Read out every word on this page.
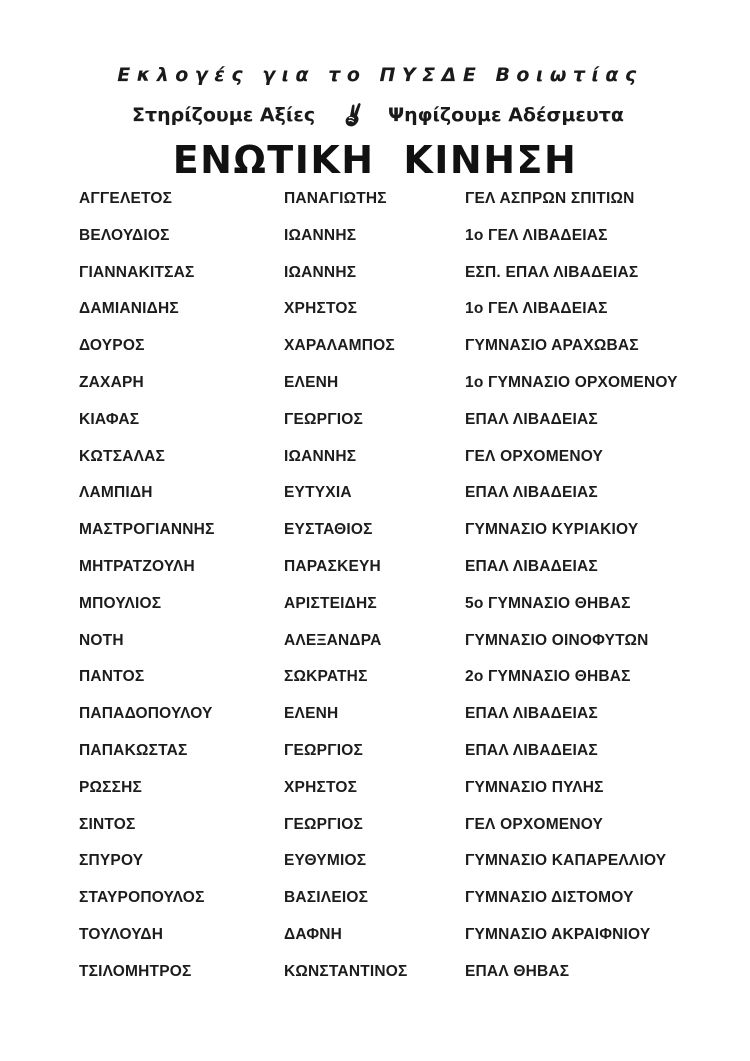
Εκλογές για το ΠΥΣΔΕ Βοιωτίας
Στηρίζουμε Αξίες	Ψηφίζουμε Αδέσμευτα
ΕΝΩΤΙΚΗ ΚΙΝΗΣΗ
ΑΓΓΕΛΕΤΟΣ	ΠΑΝΑΓΙΩΤΗΣ	ΓΕΛ ΑΣΠΡΩΝ ΣΠΙΤΙΩΝ
ΒΕΛΟΥΔΙΟΣ	ΙΩΑΝΝΗΣ	1ο ΓΕΛ ΛΙΒΑΔΕΙΑΣ
ΓΙΑΝΝΑΚΙΤΣΑΣ	ΙΩΑΝΝΗΣ	ΕΣΠ. ΕΠΑΛ ΛΙΒΑΔΕΙΑΣ
ΔΑΜΙΑΝΙΔΗΣ	ΧΡΗΣΤΟΣ	1ο ΓΕΛ ΛΙΒΑΔΕΙΑΣ
ΔΟΥΡΟΣ	ΧΑΡΑΛΑΜΠΟΣ	ΓΥΜΝΑΣΙΟ ΑΡΑΧΩΒΑΣ
ΖΑΧΑΡΗ	ΕΛΕΝΗ	1ο ΓΥΜΝΑΣΙΟ ΟΡΧΟΜΕΝΟΥ
ΚΙΑΦΑΣ	ΓΕΩΡΓΙΟΣ	ΕΠΑΛ ΛΙΒΑΔΕΙΑΣ
ΚΩΤΣΑΛΑΣ	ΙΩΑΝΝΗΣ	ΓΕΛ ΟΡΧΟΜΕΝΟΥ
ΛΑΜΠΙΔΗ	ΕΥΤΥΧΙΑ	ΕΠΑΛ ΛΙΒΑΔΕΙΑΣ
ΜΑΣΤΡΟΓΙΑΝΝΗΣ	ΕΥΣΤΑΘΙΟΣ	ΓΥΜΝΑΣΙΟ ΚΥΡΙΑΚΙΟΥ
ΜΗΤΡΑΤΖΟΥΛΗ	ΠΑΡΑΣΚΕΥΗ	ΕΠΑΛ ΛΙΒΑΔΕΙΑΣ
ΜΠΟΥΛΙΟΣ	ΑΡΙΣΤΕΙΔΗΣ	5ο ΓΥΜΝΑΣΙΟ ΘΗΒΑΣ
ΝΟΤΗ	ΑΛΕΞΑΝΔΡΑ	ΓΥΜΝΑΣΙΟ ΟΙΝΟΦΥΤΩΝ
ΠΑΝΤΟΣ	ΣΩΚΡΑΤΗΣ	2ο ΓΥΜΝΑΣΙΟ ΘΗΒΑΣ
ΠΑΠΑΔΟΠΟΥΛΟΥ	ΕΛΕΝΗ	ΕΠΑΛ ΛΙΒΑΔΕΙΑΣ
ΠΑΠΑΚΩΣΤΑΣ	ΓΕΩΡΓΙΟΣ	ΕΠΑΛ ΛΙΒΑΔΕΙΑΣ
ΡΩΣΣΗΣ	ΧΡΗΣΤΟΣ	ΓΥΜΝΑΣΙΟ ΠΥΛΗΣ
ΣΙΝΤΟΣ	ΓΕΩΡΓΙΟΣ	ΓΕΛ ΟΡΧΟΜΕΝΟΥ
ΣΠΥΡΟΥ	ΕΥΘΥΜΙΟΣ	ΓΥΜΝΑΣΙΟ ΚΑΠΑΡΕΛΛΙΟΥ
ΣΤΑΥΡΟΠΟΥΛΟΣ	ΒΑΣΙΛΕΙΟΣ	ΓΥΜΝΑΣΙΟ ΔΙΣΤΟΜΟΥ
ΤΟΥΛΟΥΔΗ	ΔΑΦΝΗ	ΓΥΜΝΑΣΙΟ ΑΚΡΑΙΦΝΙΟΥ
ΤΣΙΛΟΜΗΤΡΟΣ	ΚΩΝΣΤΑΝΤΙΝΟΣ	ΕΠΑΛ ΘΗΒΑΣ
